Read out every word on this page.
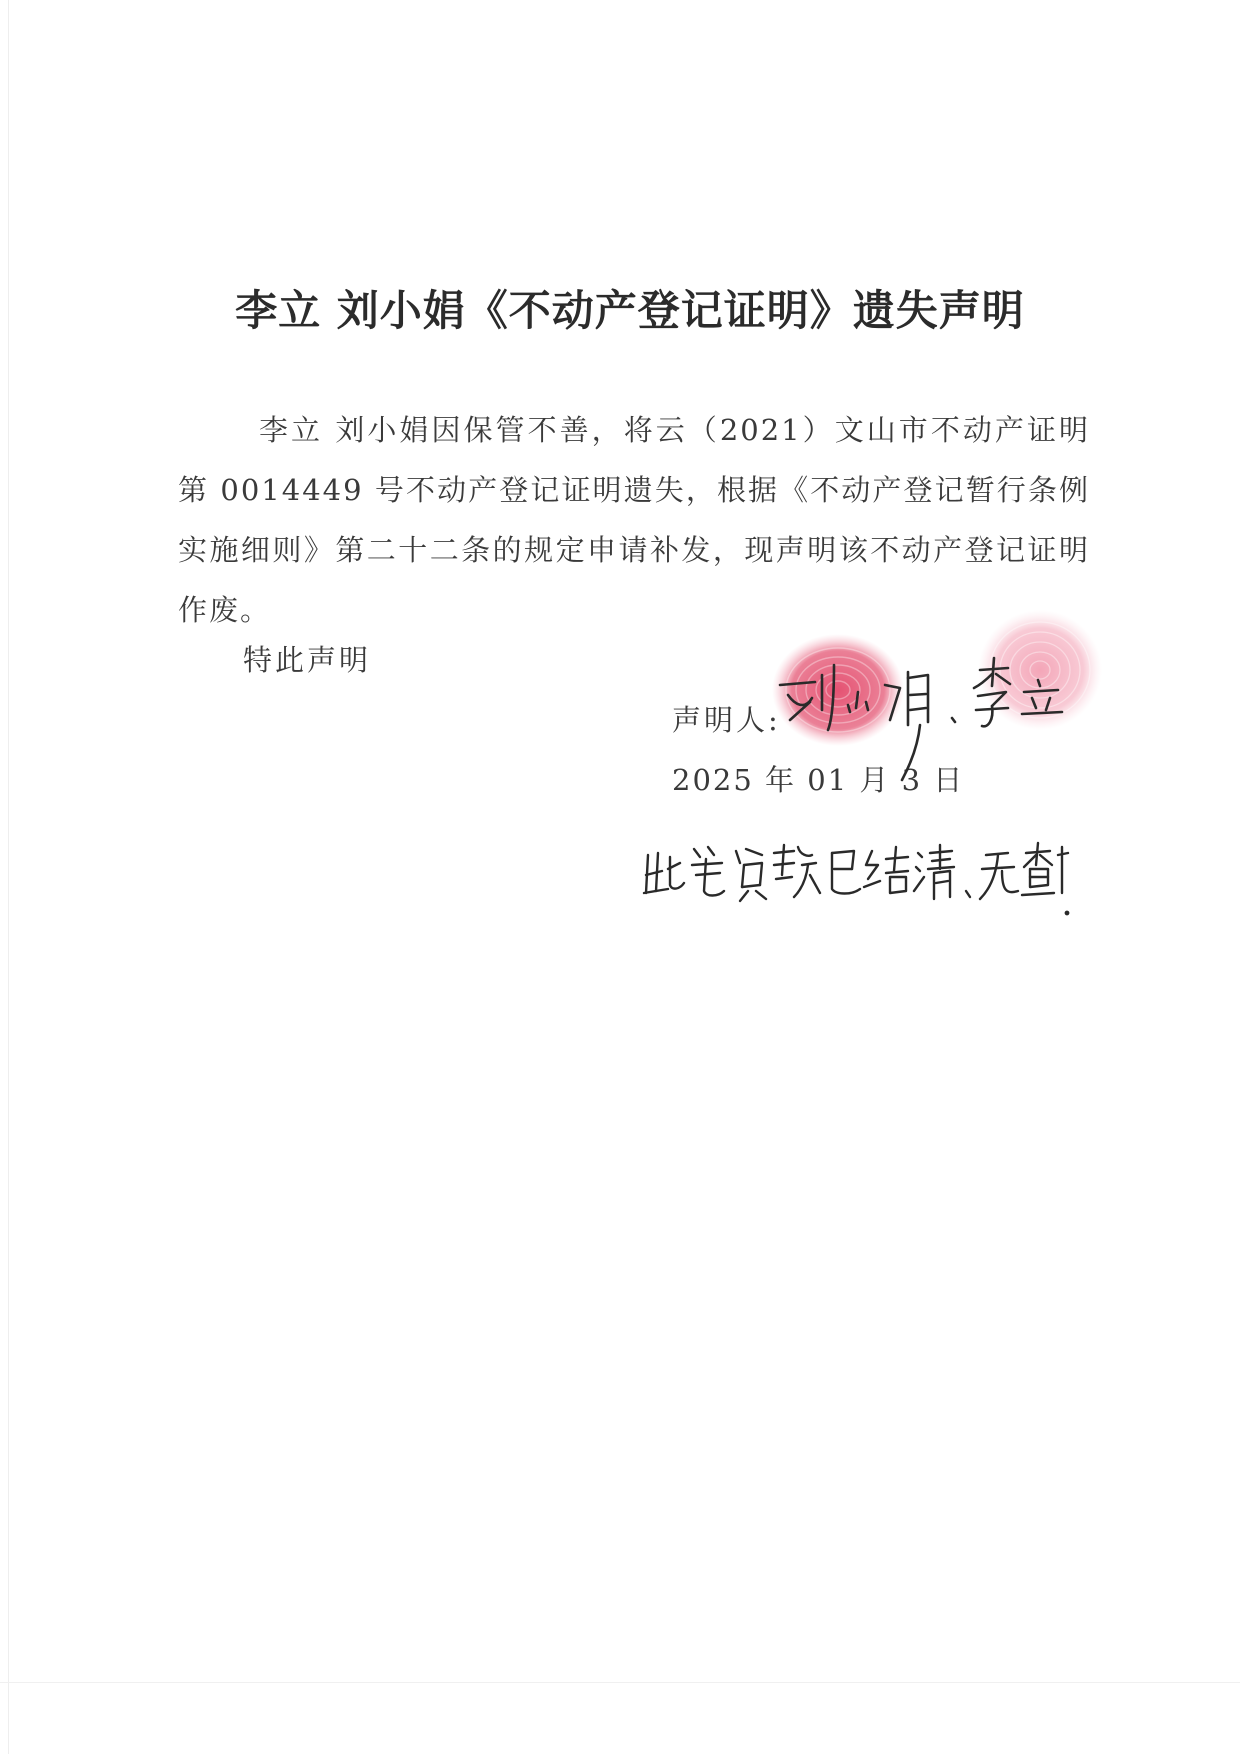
李立 刘小娟《不动产登记证明》遗失声明
李立 刘小娟因保管不善，将云（2021）文山市不动产证明第 0014449 号不动产登记证明遗失，根据《不动产登记暂行条例实施细则》第二十二条的规定申请补发，现声明该不动产登记证明作废。
特此声明
声明人:
2025 年 01 月 3 日
